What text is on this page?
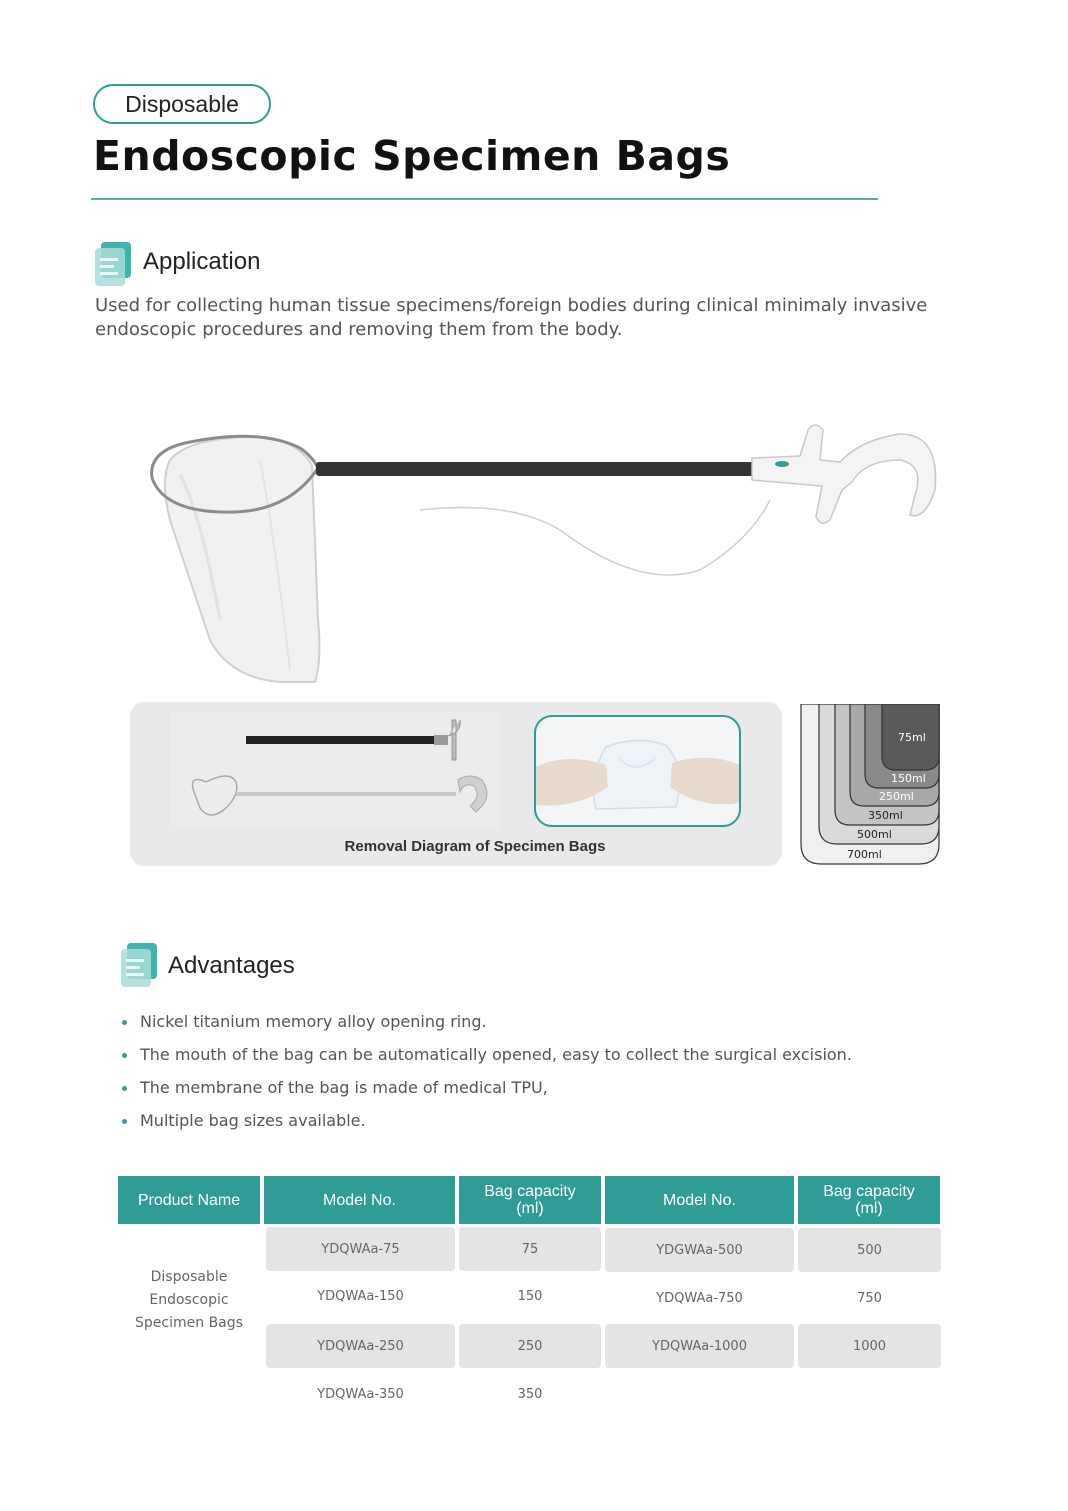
Disposable
Endoscopic Specimen Bags
Application
Used for collecting human tissue specimens/foreign bodies during clinical minimaly invasive endoscopic procedures and removing them from the body.
Removal Diagram of Specimen Bags
75ml
150ml
250ml
350ml
500ml
700ml
Advantages
Nickel titanium memory alloy opening ring.
The mouth of the bag can be automatically opened, easy to collect the surgical excision.
The membrane of the bag is made of medical TPU,
Multiple bag sizes available.
Product Name	Model No.	Bag capacity (ml)	Model No.	Bag capacity (ml)
Disposable Endoscopic Specimen Bags
YDQWAa-75	75	YDGWAa-500	500
YDQWAa-150	150	YDQWAa-750	750
YDQWAa-250	250	YDQWAa-1000	1000
YDQWAa-350	350
